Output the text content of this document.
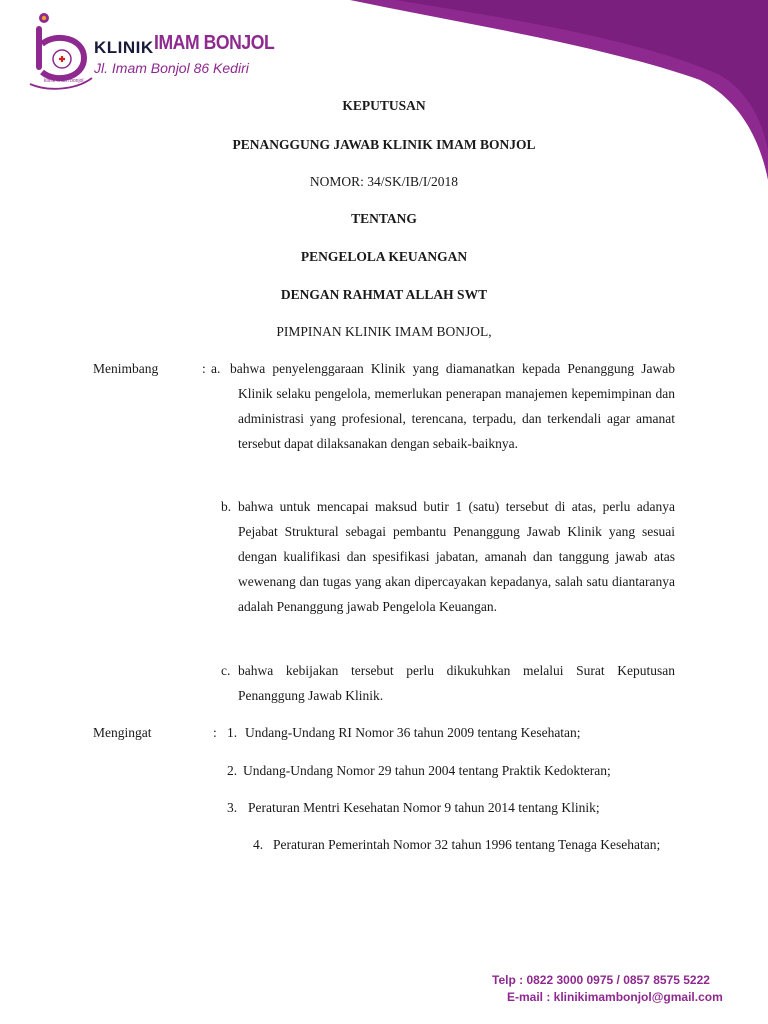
klinik imam bonjol
KLINIK IMAM BONJOL
Jl. Imam Bonjol 86 Kediri
KEPUTUSAN
PENANGGUNG JAWAB KLINIK IMAM BONJOL
NOMOR: 34/SK/IB/I/2018
TENTANG
PENGELOLA KEUANGAN
DENGAN RAHMAT ALLAH SWT
PIMPINAN KLINIK IMAM BONJOL,
Menimbang	: a. bahwa penyelenggaraan Klinik yang diamanatkan kepada Penanggung Jawab Klinik selaku pengelola, memerlukan penerapan manajemen kepemimpinan dan administrasi yang profesional, terencana, terpadu, dan terkendali agar amanat tersebut dapat dilaksanakan dengan sebaik-baiknya.
b. bahwa untuk mencapai maksud butir 1 (satu) tersebut di atas, perlu adanya Pejabat Struktural sebagai pembantu Penanggung Jawab Klinik yang sesuai dengan kualifikasi dan spesifikasi jabatan, amanah dan tanggung jawab atas wewenang dan tugas yang akan dipercayakan kepadanya, salah satu diantaranya adalah Penanggung jawab Pengelola Keuangan.
c. bahwa kebijakan tersebut perlu dikukuhkan melalui Surat Keputusan Penanggung Jawab Klinik.
Mengingat	: 1. Undang-Undang RI Nomor 36 tahun 2009 tentang Kesehatan;
2. Undang-Undang Nomor 29 tahun 2004 tentang Praktik Kedokteran;
3. Peraturan Mentri Kesehatan Nomor 9 tahun 2014 tentang Klinik;
4. Peraturan Pemerintah Nomor 32 tahun 1996 tentang Tenaga Kesehatan;
Telp : 0822 3000 0975 / 0857 8575 5222
E-mail : klinikimambonjol@gmail.com
